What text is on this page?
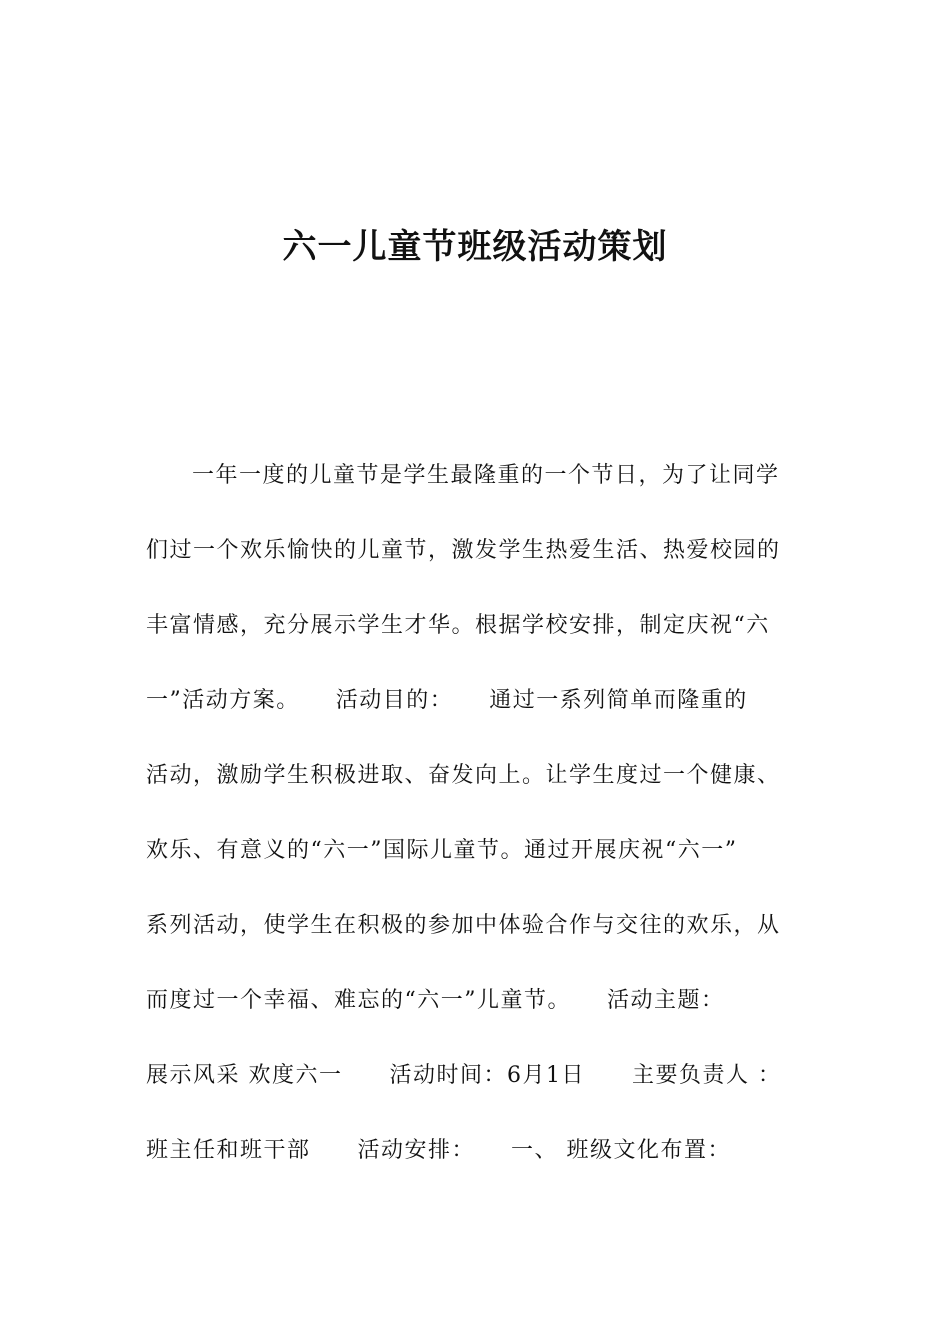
六一儿童节班级活动策划
一年一度的儿童节是学生最隆重的一个节日，为了让同学
们过一个欢乐愉快的儿童节，激发学生热爱生活、热爱校园的
丰富情感，充分展示学生才华。根据学校安排，制定庆祝“六
一”活动方案。　　活动目的：　　通过一系列简单而隆重的
活动，激励学生积极进取、奋发向上。让学生度过一个健康、
欢乐、有意义的“六一”国际儿童节。通过开展庆祝“六一”
系列活动，使学生在积极的参加中体验合作与交往的欢乐，从
而度过一个幸福、难忘的“六一”儿童节。　　活动主题：
展示风采 欢度六一　　活动时间：6月1日　　主要负责人 ：
班主任和班干部　　活动安排：　　一、 班级文化布置：
